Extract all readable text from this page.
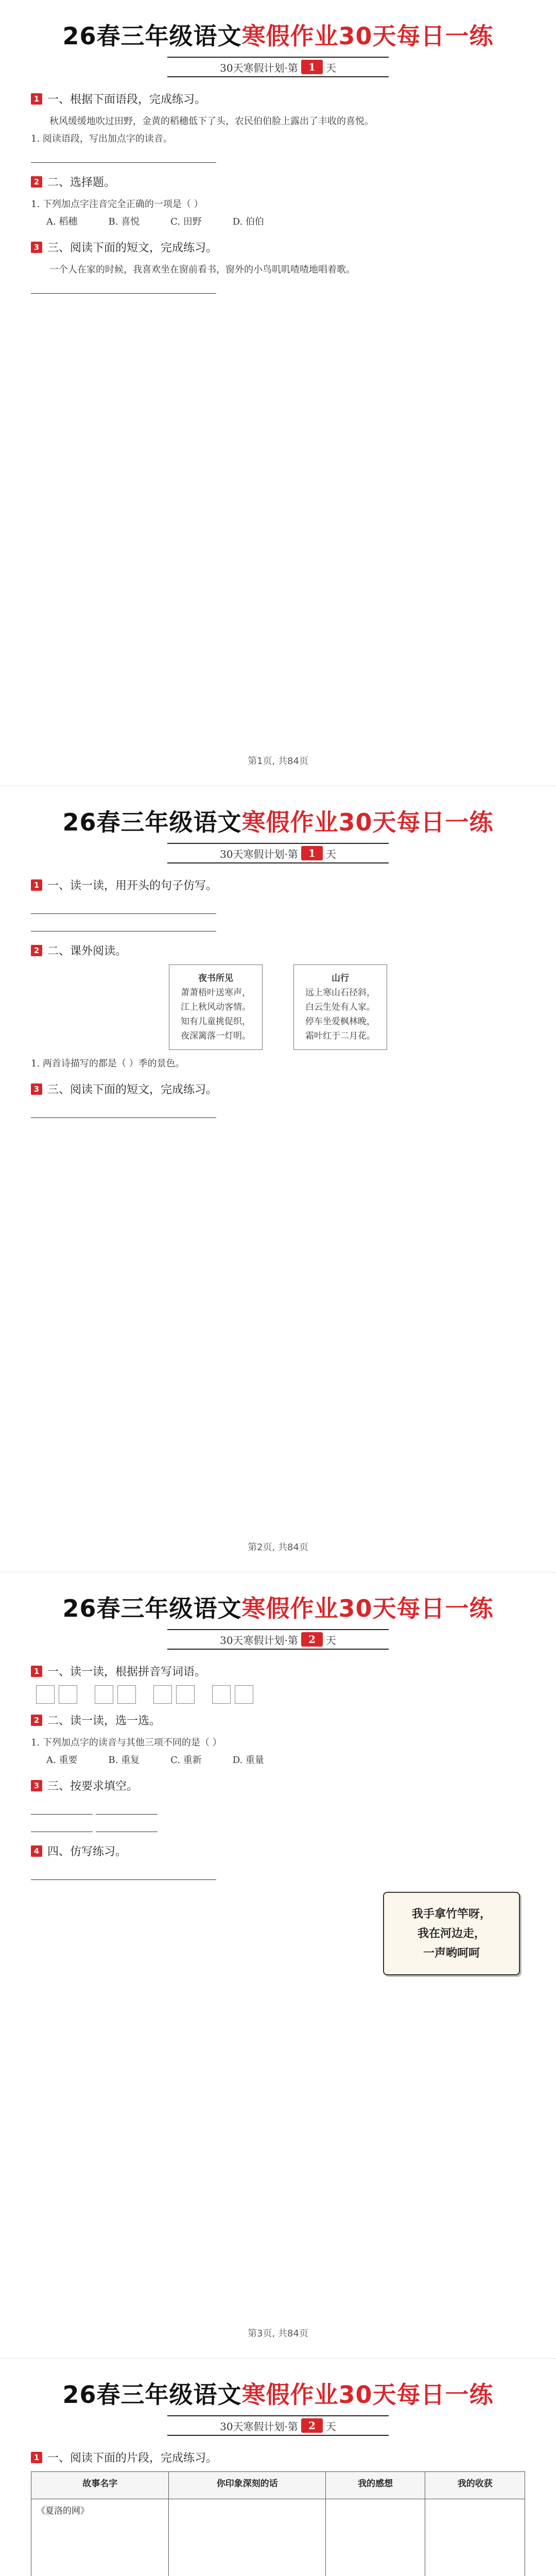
26春三年级语文寒假作业30天每日一练
30天寒假计划·第	1	天
1 一、根据下面语段，完成练习。
秋风缓缓地吹过田野，金黄的稻穗低下了头，农民伯伯脸上露出了丰收的喜悦。
1. 阅读语段，写出加点字的读音。
2 二、选择题。
1. 下列加点字注音完全正确的一项是（ ）
A. 稻穗	B. 喜悦	C. 田野	D. 伯伯
3 三、阅读下面的短文，完成练习。
一个人在家的时候，我喜欢坐在窗前看书，窗外的小鸟叽叽喳喳地唱着歌。
第1页, 共84页
26春三年级语文寒假作业30天每日一练
30天寒假计划·第	1	天
1 一、读一读，用开头的句子仿写。
2 二、课外阅读。
夜书所见
萧萧梧叶送寒声，
江上秋风动客情。
知有儿童挑促织，
夜深篱落一灯明。
山行
远上寒山石径斜，
白云生处有人家。
停车坐爱枫林晚，
霜叶红于二月花。
1. 两首诗描写的都是（ ）季的景色。
3 三、阅读下面的短文，完成练习。
第2页, 共84页
26春三年级语文寒假作业30天每日一练
30天寒假计划·第	2	天
1 一、读一读，根据拼音写词语。
2 二、读一读，选一选。
1. 下列加点字的读音与其他三项不同的是（ ）
A. 重要	B. 重复	C. 重新	D. 重量
3 三、按要求填空。

我手拿竹竿呀，
我在河边走，
一声哟呵呵
4 四、仿写练习。
第3页, 共84页
26春三年级语文寒假作业30天每日一练
30天寒假计划·第	2	天
1 一、阅读下面的片段，完成练习。
故事名字	你印象深刻的话	我的感想	我的收获
《夏洛的网》			
